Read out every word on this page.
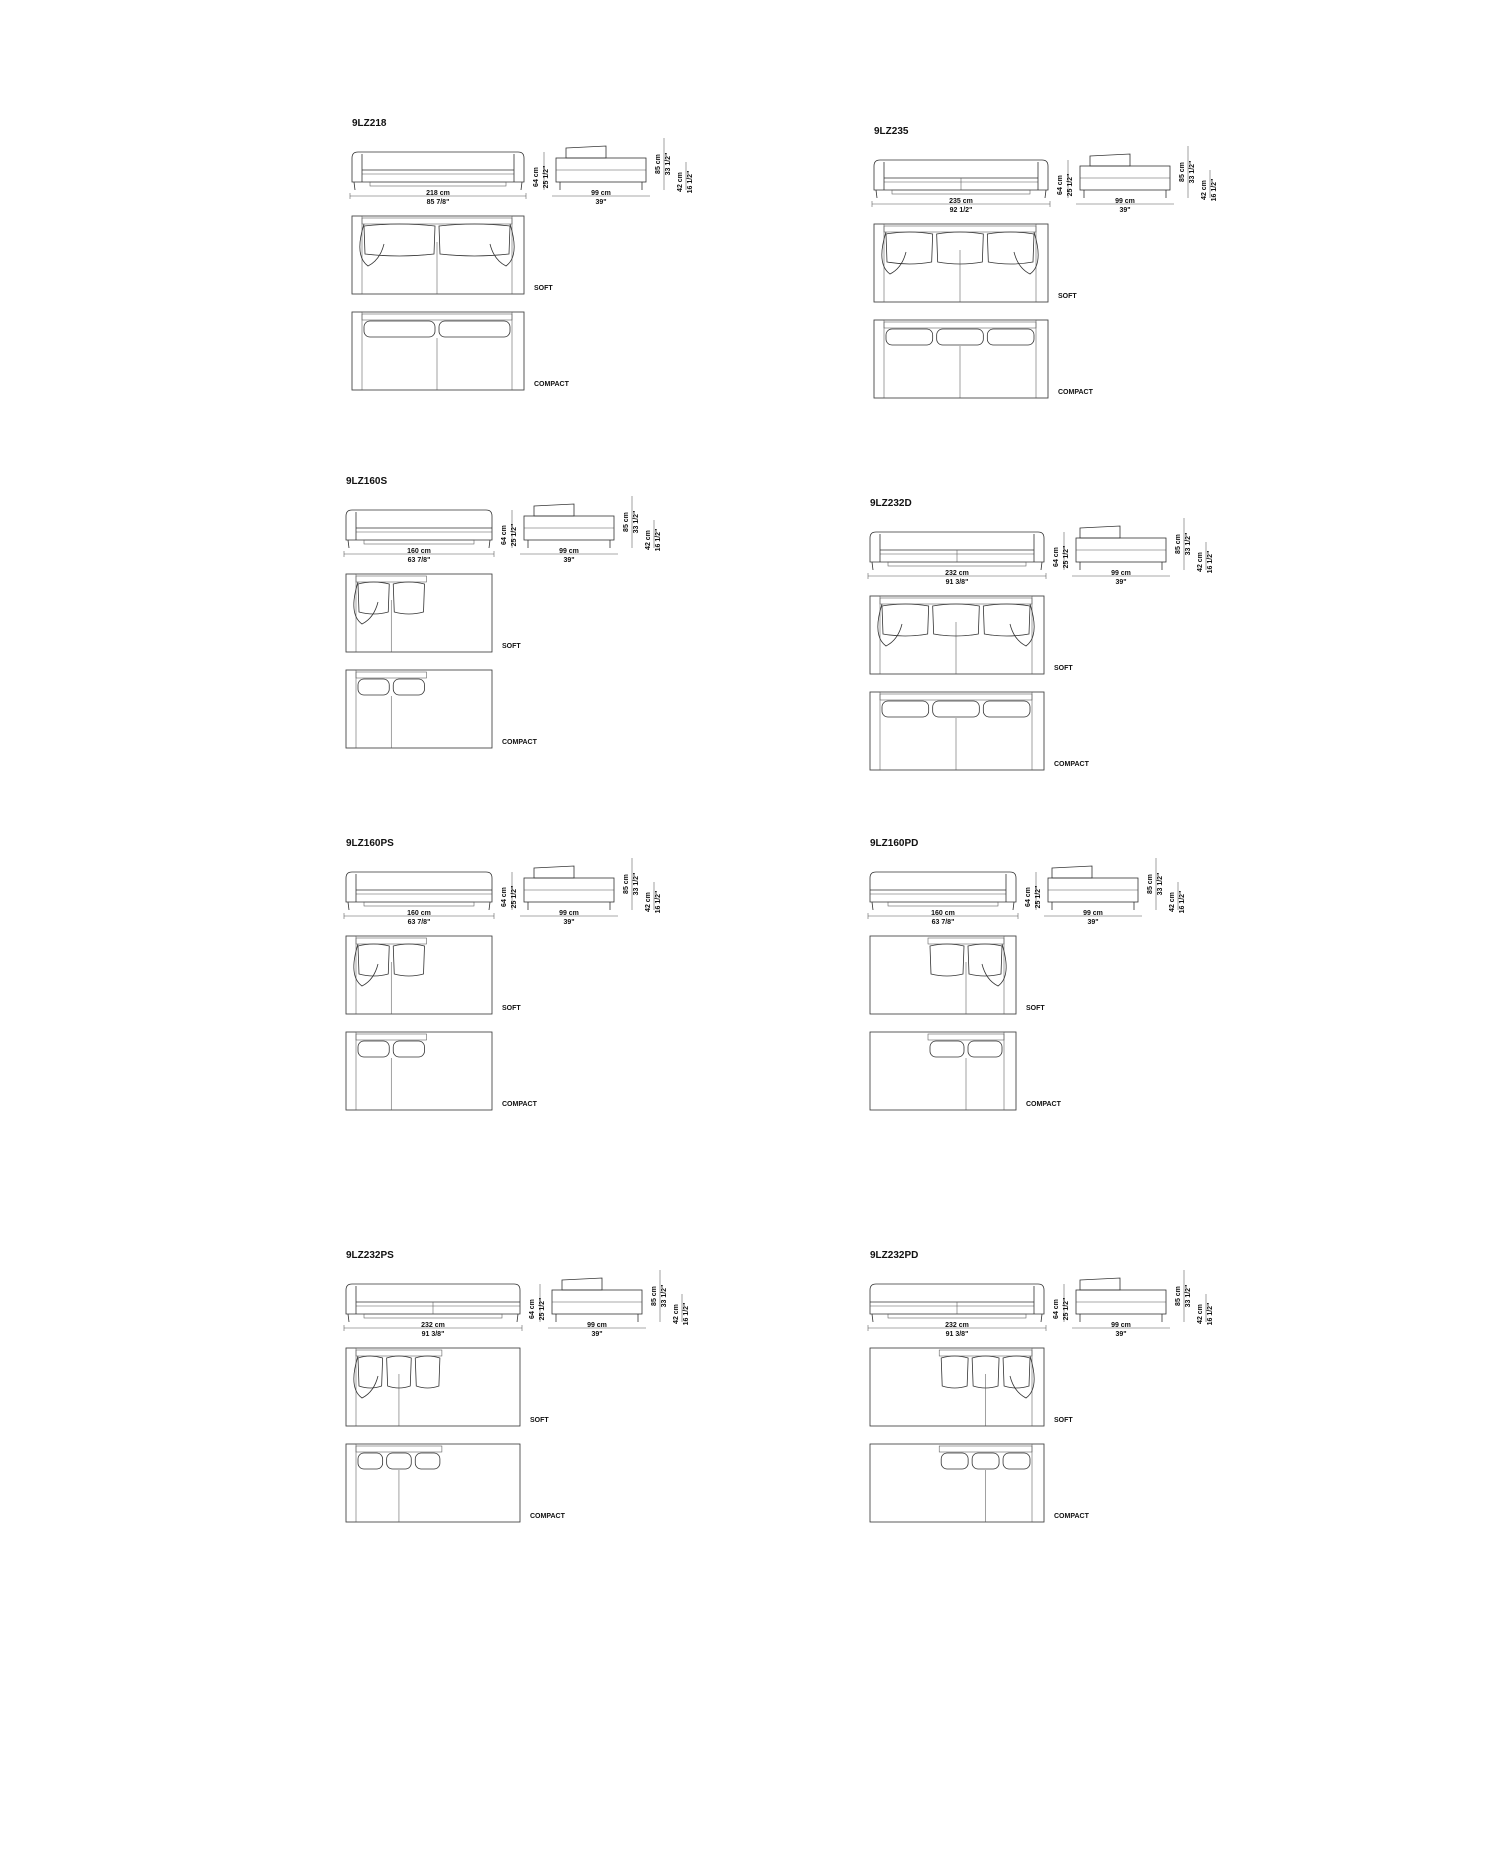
9LZ218
218 cm
85 7/8"
64 cm 25 1/2"
99 cm
39"
85 cm 33 1/2"
42 cm 16 1/2"
SOFT
COMPACT
9LZ235
235 cm
92 1/2"
64 cm 25 1/2"
99 cm
39"
85 cm 33 1/2"
42 cm 16 1/2"
SOFT
COMPACT
9LZ160S
160 cm
63 7/8"
64 cm 25 1/2"
99 cm
39"
85 cm 33 1/2"
42 cm 16 1/2"
SOFT
COMPACT
9LZ232D
232 cm
91 3/8"
64 cm 25 1/2"
99 cm
39"
85 cm 33 1/2"
42 cm 16 1/2"
SOFT
COMPACT
9LZ160PS
160 cm
63 7/8"
64 cm 25 1/2"
99 cm
39"
85 cm 33 1/2"
42 cm 16 1/2"
SOFT
COMPACT
9LZ160PD
160 cm
63 7/8"
64 cm 25 1/2"
99 cm
39"
85 cm 33 1/2"
42 cm 16 1/2"
SOFT
COMPACT
9LZ232PS
232 cm
91 3/8"
64 cm 25 1/2"
99 cm
39"
85 cm 33 1/2"
42 cm 16 1/2"
SOFT
COMPACT
9LZ232PD
232 cm
91 3/8"
64 cm 25 1/2"
99 cm
39"
85 cm 33 1/2"
42 cm 16 1/2"
SOFT
COMPACT
